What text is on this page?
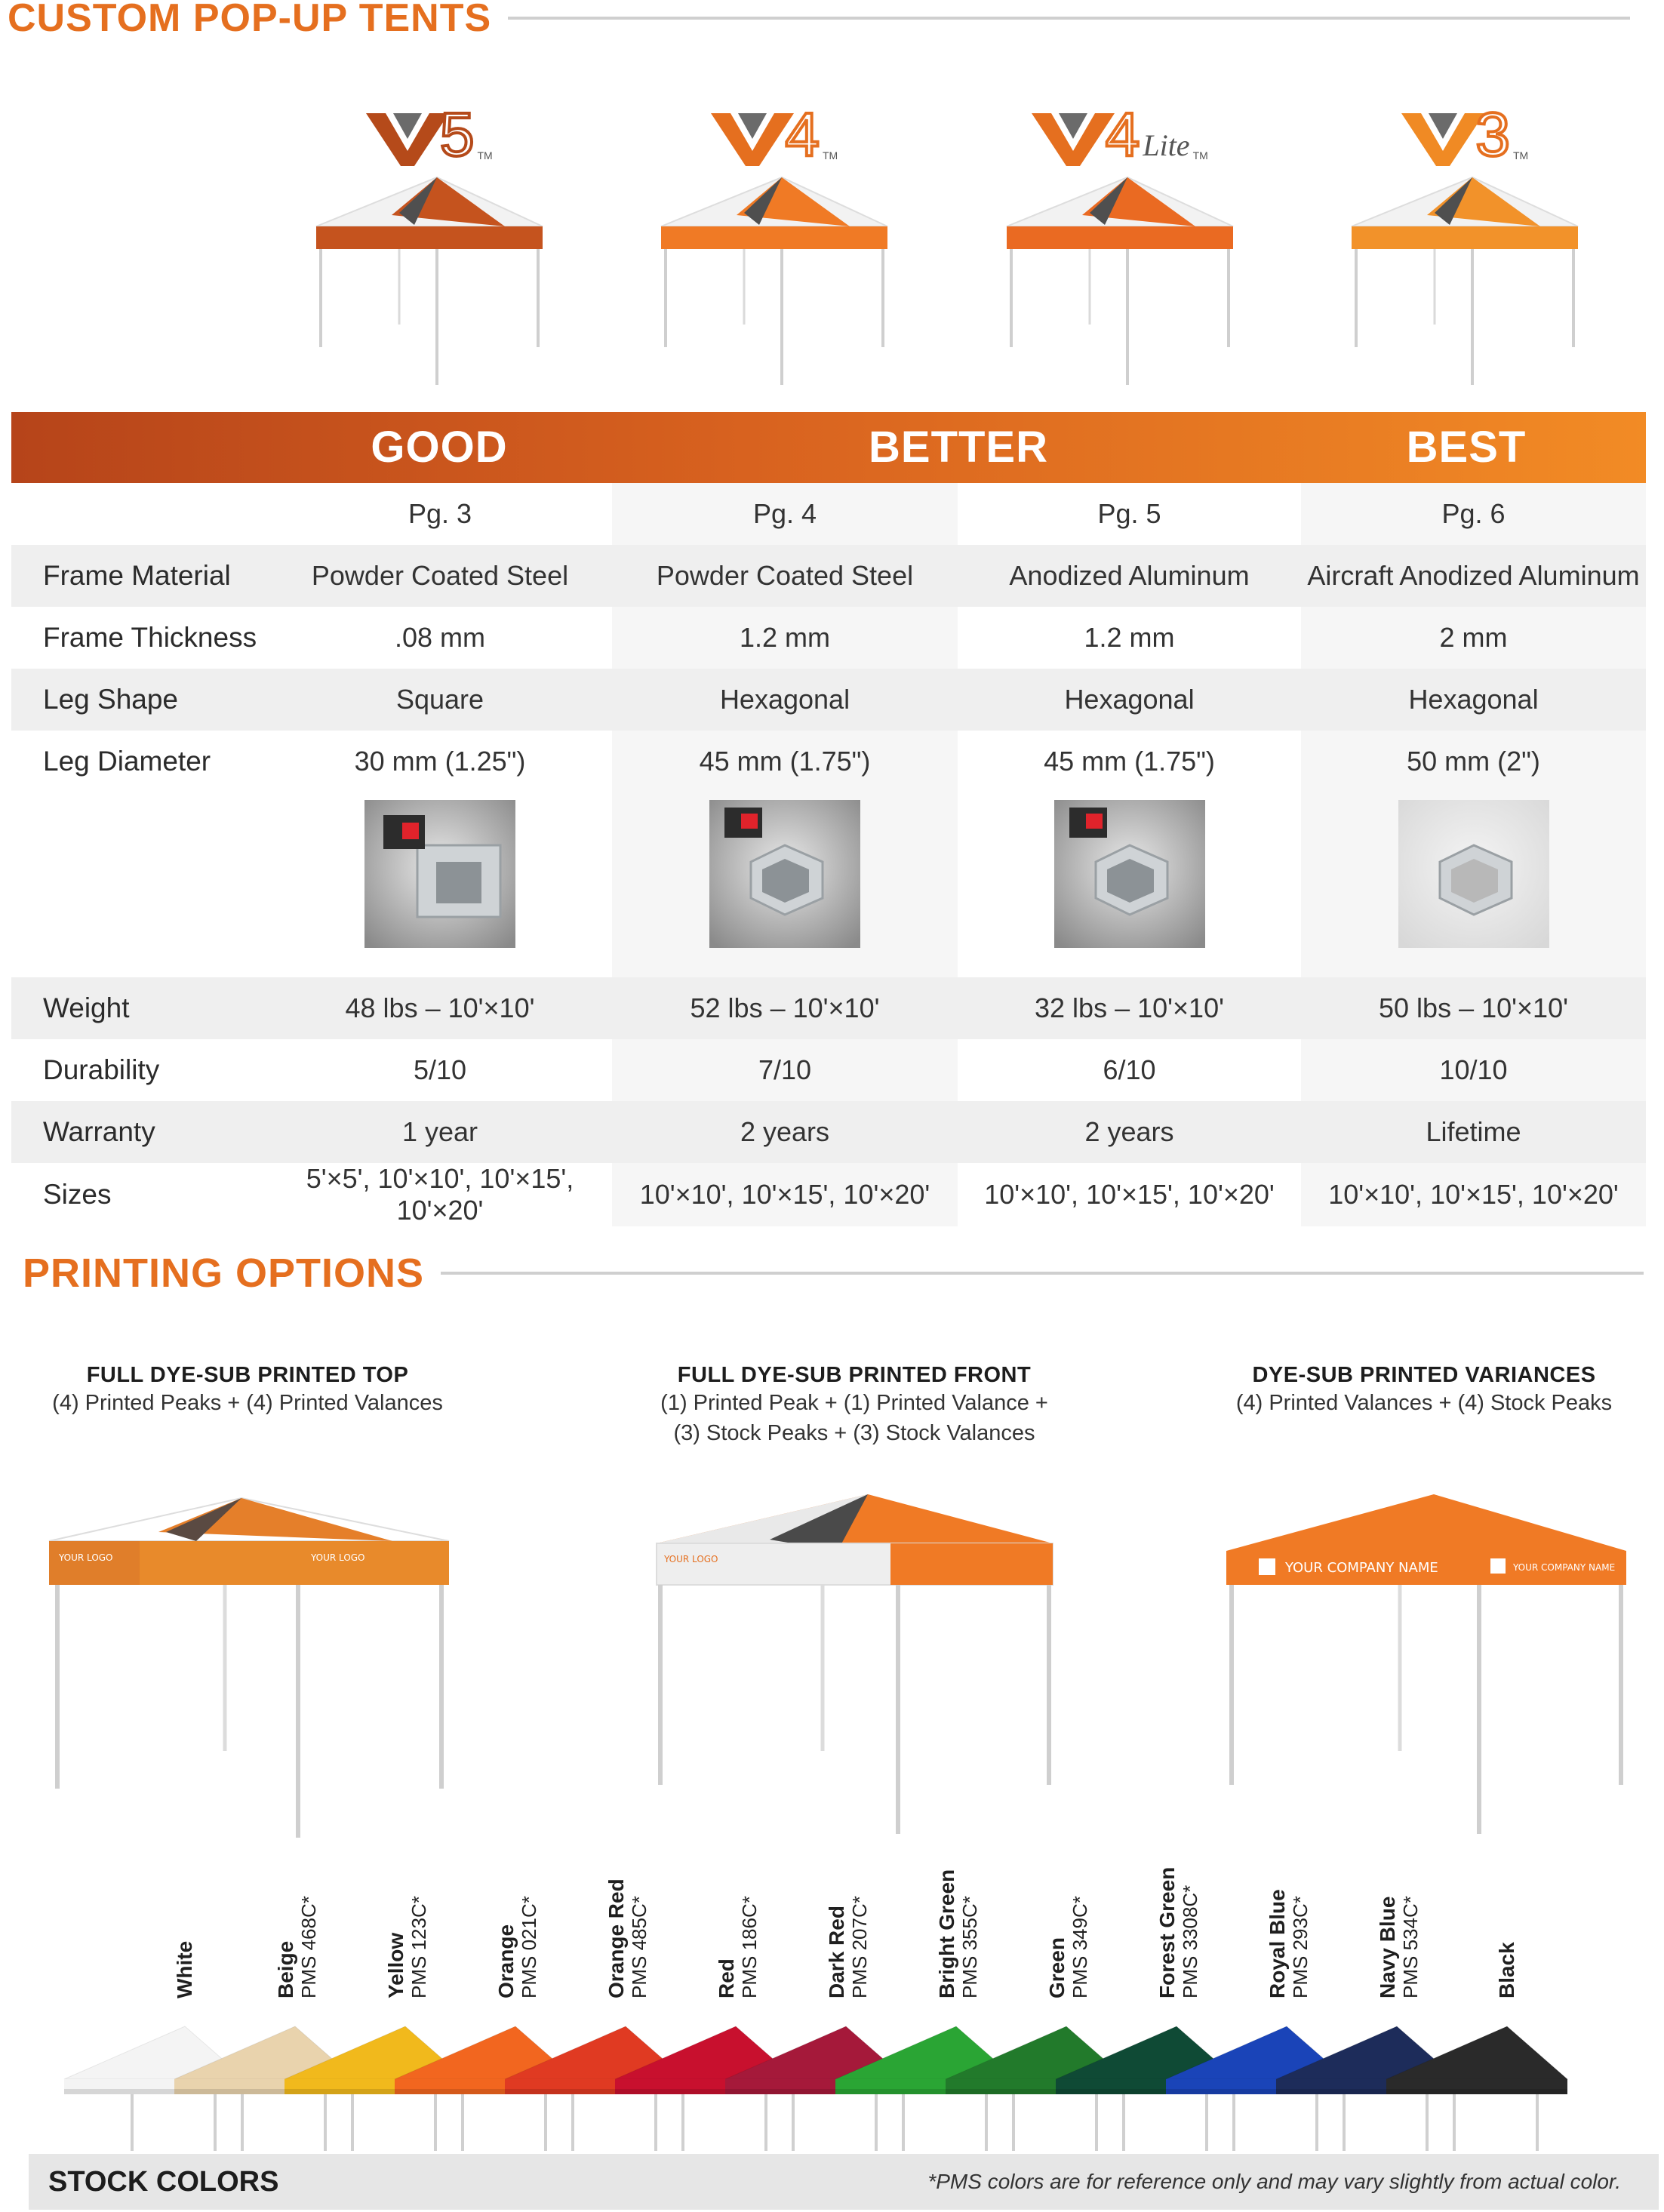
CUSTOM POP-UP TENTS
5 TM	4 TM	4 Lite TM	3 TM
GOOD	BETTER	BEST
	Pg. 3	Pg. 4	Pg. 5	Pg. 6
Frame Material	Powder Coated Steel	Powder Coated Steel	Anodized Aluminum	Aircraft Anodized Aluminum
Frame Thickness	.08 mm	1.2 mm	1.2 mm	2 mm
Leg Shape	Square	Hexagonal	Hexagonal	Hexagonal
Leg Diameter	30 mm (1.25")	45 mm (1.75")	45 mm (1.75")	50 mm (2")

Weight	48 lbs – 10'×10'	52 lbs – 10'×10'	32 lbs – 10'×10'	50 lbs – 10'×10'
Durability	5/10	7/10	6/10	10/10
Warranty	1 year	2 years	2 years	Lifetime
Sizes	5'×5', 10'×10', 10'×15', 10'×20'	10'×10', 10'×15', 10'×20'	10'×10', 10'×15', 10'×20'	10'×10', 10'×15', 10'×20'
PRINTING OPTIONS
FULL DYE-SUB PRINTED TOP
(4) Printed Peaks + (4) Printed Valances
FULL DYE-SUB PRINTED FRONT
(1) Printed Peak + (1) Printed Valance +
(3) Stock Peaks + (3) Stock Valances
DYE-SUB PRINTED VARIANCES
(4) Printed Valances + (4) Stock Peaks
YOUR LOGO	YOUR LOGO	YOUR LOGO
YOUR COMPANY NAME	YOUR COMPANY NAME
White	Beige PMS 468C*	Yellow PMS 123C*	Orange PMS 021C*	Orange Red PMS 485C*	Red PMS 186C*	Dark Red PMS 207C*	Bright Green PMS 355C*	Green PMS 349C*	Forest Green PMS 3308C*	Royal Blue PMS 293C*	Navy Blue PMS 534C*	Black
STOCK COLORS	*PMS colors are for reference only and may vary slightly from actual color.
